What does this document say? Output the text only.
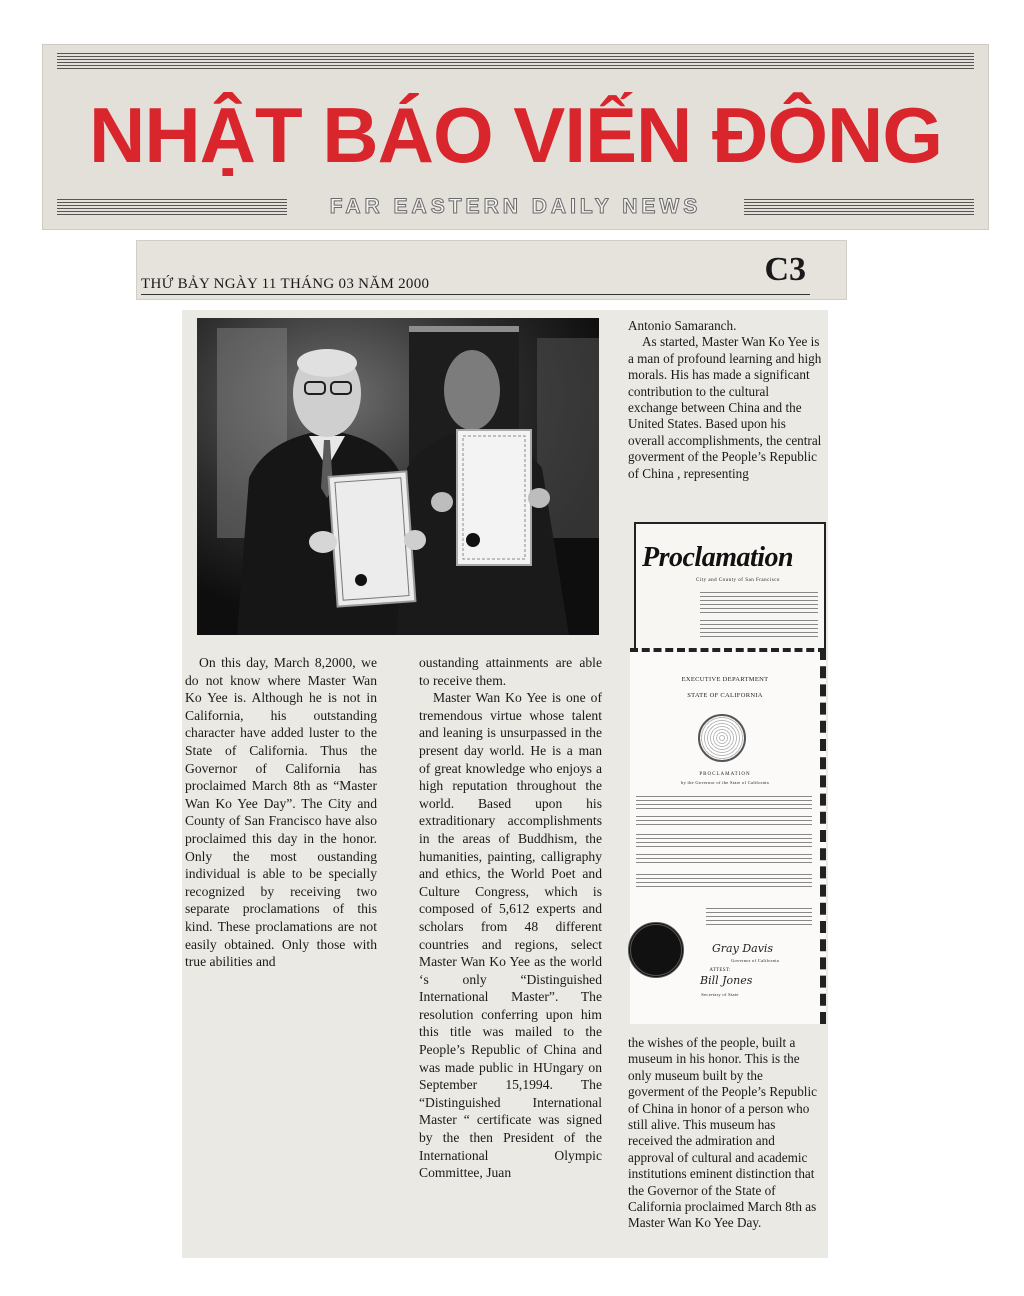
NHẬT BÁO VIẾN ĐÔNG
FAR EASTERN DAILY NEWS
THỨ BẢY NGÀY 11 THÁNG 03 NĂM 2000	C3

On this day, March 8,2000, we do not know where Master Wan Ko Yee is. Although he is not in California, his outstanding character have added luster to the State of California. Thus the Governor of California has proclaimed March 8th as “Master Wan Ko Yee Day”. The City and County of San Francisco have also proclaimed this day in the honor. Only the most oustanding individual is able to be specially recognized by receiving two separate proclamations of this kind. These proclamations are not easily obtained. Only those with true abilities and

oustanding attainments are able to receive them.

Master Wan Ko Yee is one of tremendous virtue whose talent and leaning is unsurpassed in the present day world. He is a man of great knowledge who enjoys a high reputation throughout the world. Based upon his extraditionary accomplishments in the areas of Buddhism, the humanities, painting, calligraphy and ethics, the World Poet and Culture Congress, which is composed of 5,612 experts and scholars from 48 different countries and regions, select Master Wan Ko Yee as the world ‘s only “Distinguished International Master”. The resolution conferring upon him this title was mailed to the People’s Republic of China and was made public in HUngary on September 15,1994. The “Distinguished International Master “ certificate was signed by the then President of the International Olympic Committee, Juan

Antonio Samaranch.

As started, Master Wan Ko Yee is a man of profound learning and high morals. His has made a significant contribution to the cultural exchange between China and the United States. Based upon his overall accomplishments, the central goverment of the People’s Republic of China , representing

Proclamation
City and County of San Francisco
EXECUTIVE DEPARTMENT
STATE OF CALIFORNIA
PROCLAMATION
by the Governor of the State of California
Gray Davis
Governor of California
ATTEST:
Bill Jones
Secretary of State

the wishes of the people, built a museum in his honor. This is the only museum built by the goverment of the People’s Republic of China in honor of a person who still alive. This museum has received the admiration and approval of cultural and academic institutions eminent distinction that the Governor of the State of California proclaimed March 8th as Master Wan Ko Yee Day.
